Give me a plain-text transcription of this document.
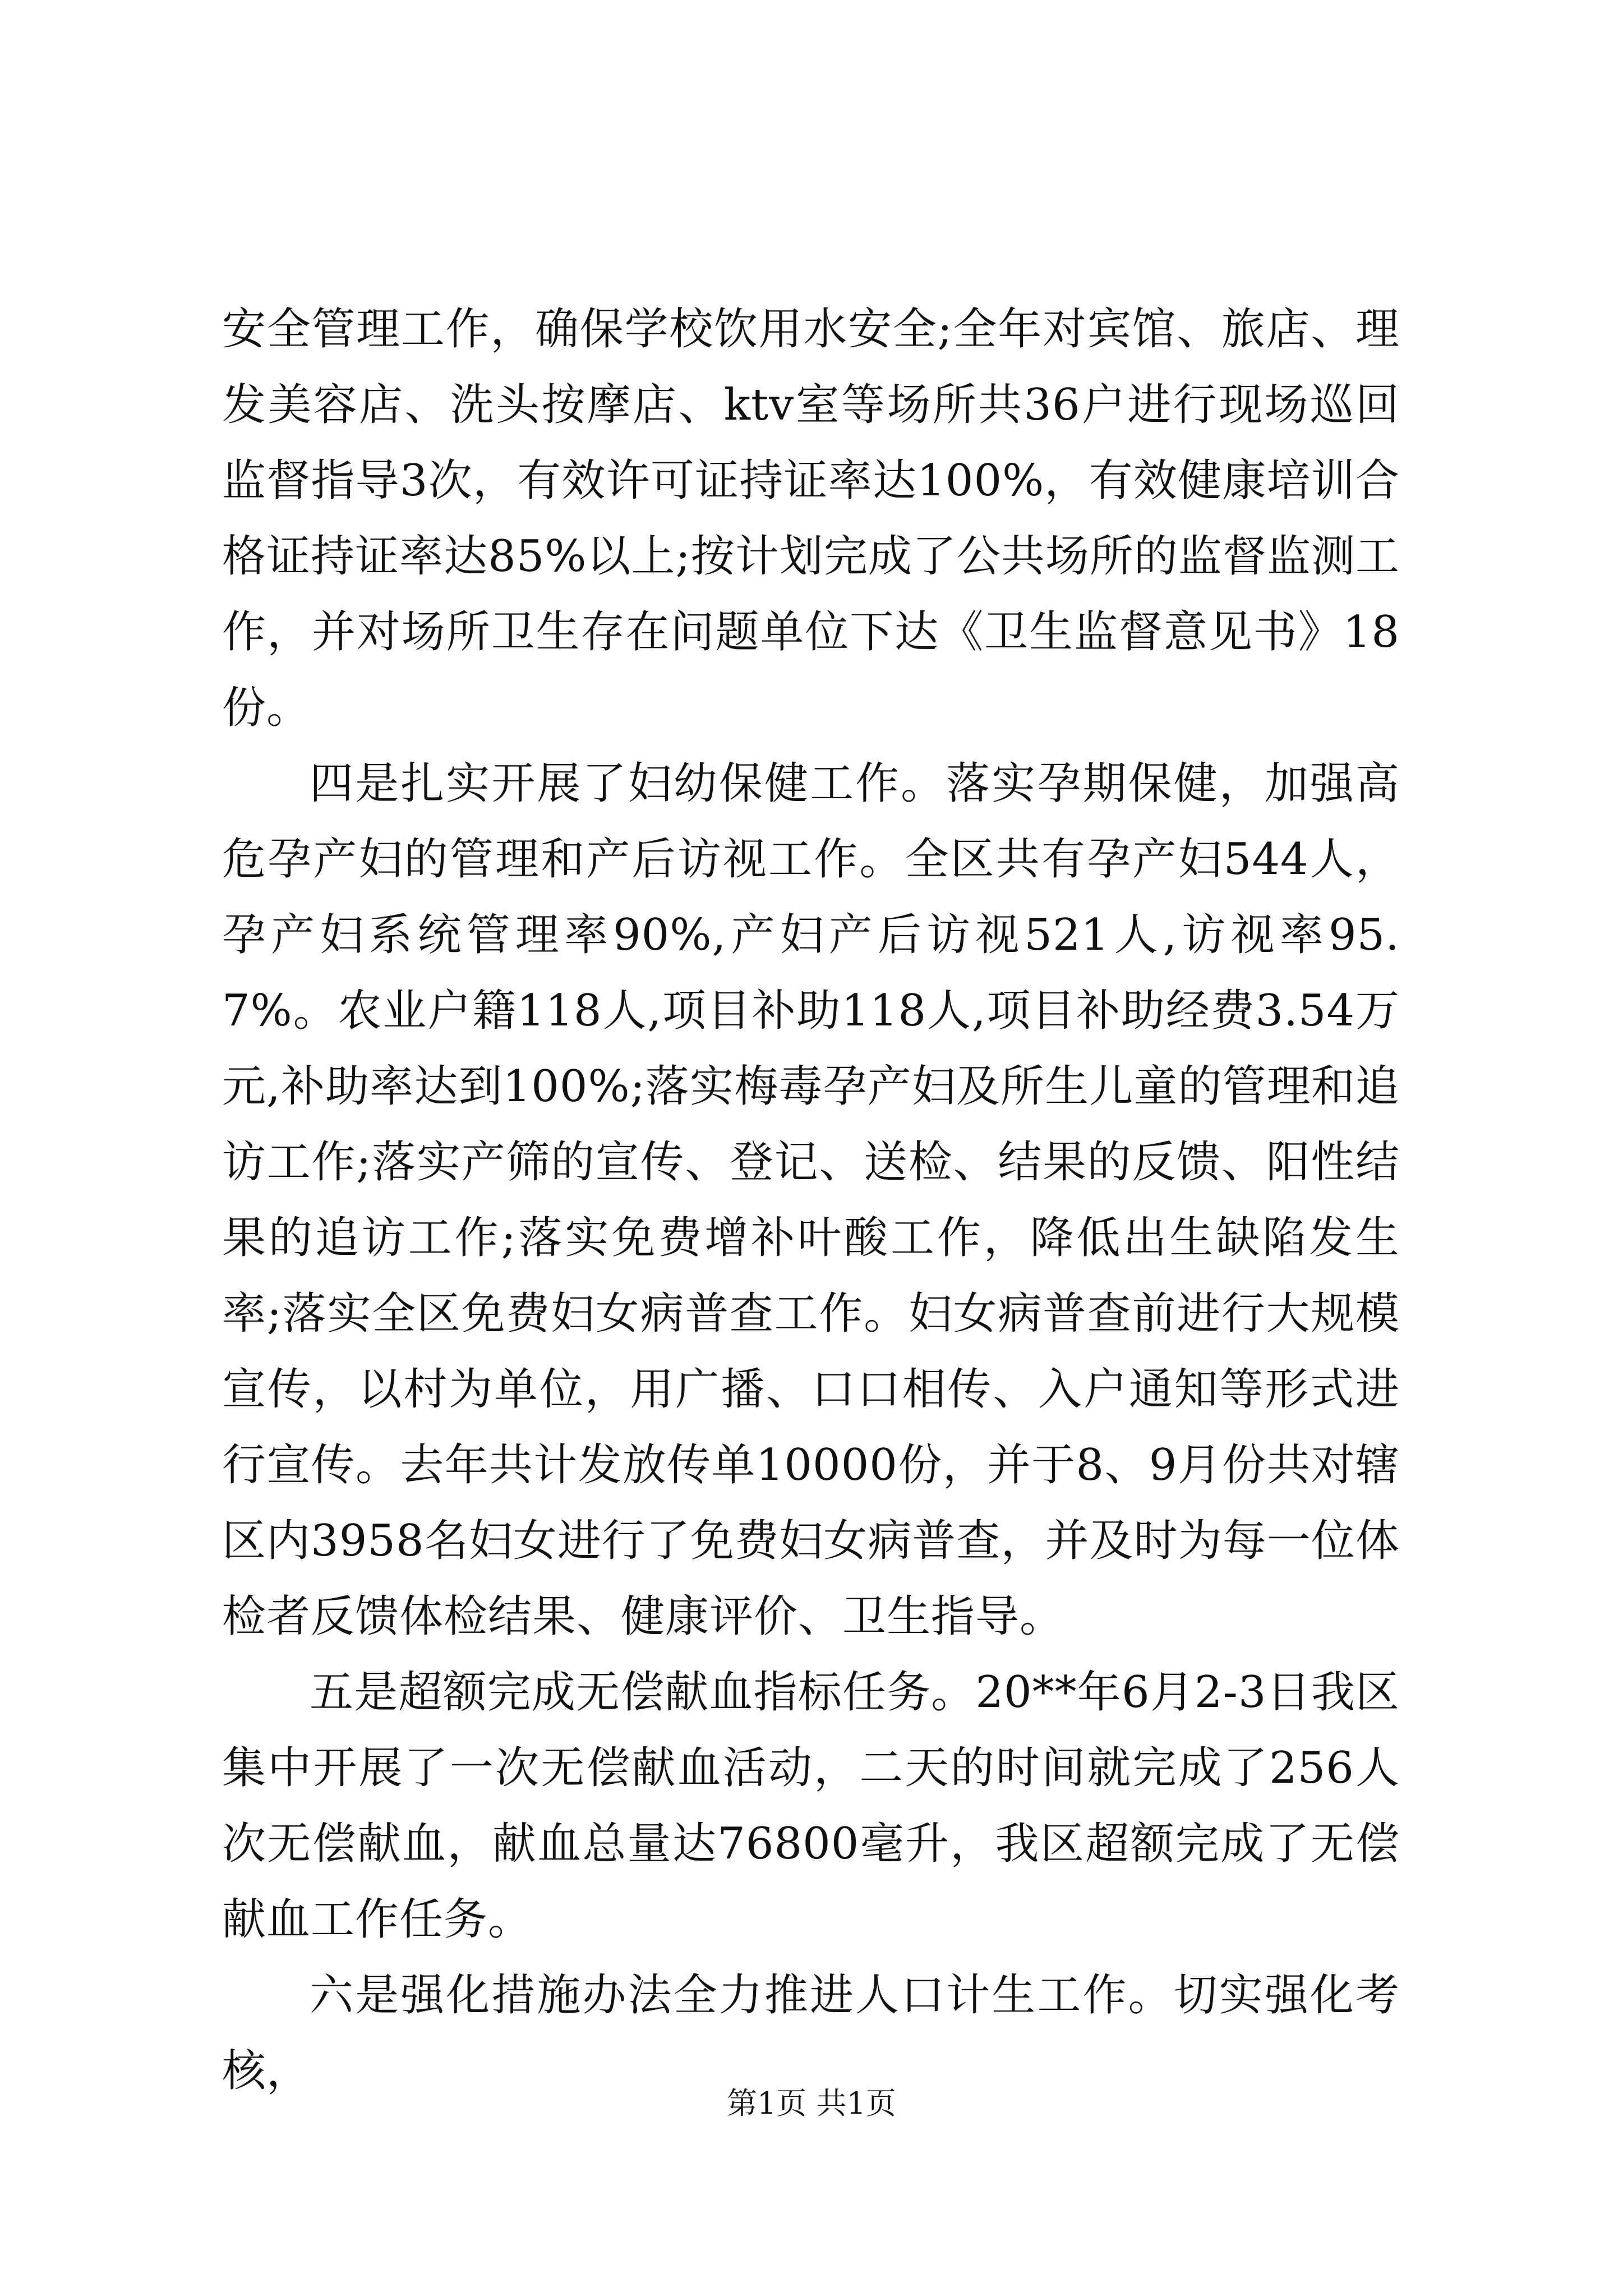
安全管理工作，确保学校饮用水安全;全年对宾馆、旅店、理发美容店、洗头按摩店、ktv室等场所共36户进行现场巡回监督指导3次，有效许可证持证率达100%，有效健康培训合格证持证率达85%以上;按计划完成了公共场所的监督监测工作，并对场所卫生存在问题单位下达《卫生监督意见书》18份。

四是扎实开展了妇幼保健工作。落实孕期保健，加强高危孕产妇的管理和产后访视工作。全区共有孕产妇544人，孕产妇系统管理率90%,产妇产后访视521人,访视率95.7%。农业户籍118人,项目补助118人,项目补助经费3.54万元,补助率达到100%;落实梅毒孕产妇及所生儿童的管理和追访工作;落实产筛的宣传、登记、送检、结果的反馈、阳性结果的追访工作;落实免费增补叶酸工作，降低出生缺陷发生率;落实全区免费妇女病普查工作。妇女病普查前进行大规模宣传，以村为单位，用广播、口口相传、入户通知等形式进行宣传。去年共计发放传单10000份，并于8、9月份共对辖区内3958名妇女进行了免费妇女病普查，并及时为每一位体检者反馈体检结果、健康评价、卫生指导。

五是超额完成无偿献血指标任务。20**年6月2-3日我区集中开展了一次无偿献血活动，二天的时间就完成了256人次无偿献血，献血总量达76800毫升，我区超额完成了无偿献血工作任务。

六是强化措施办法全力推进人口计生工作。切实强化考核，

第1页 共1页
